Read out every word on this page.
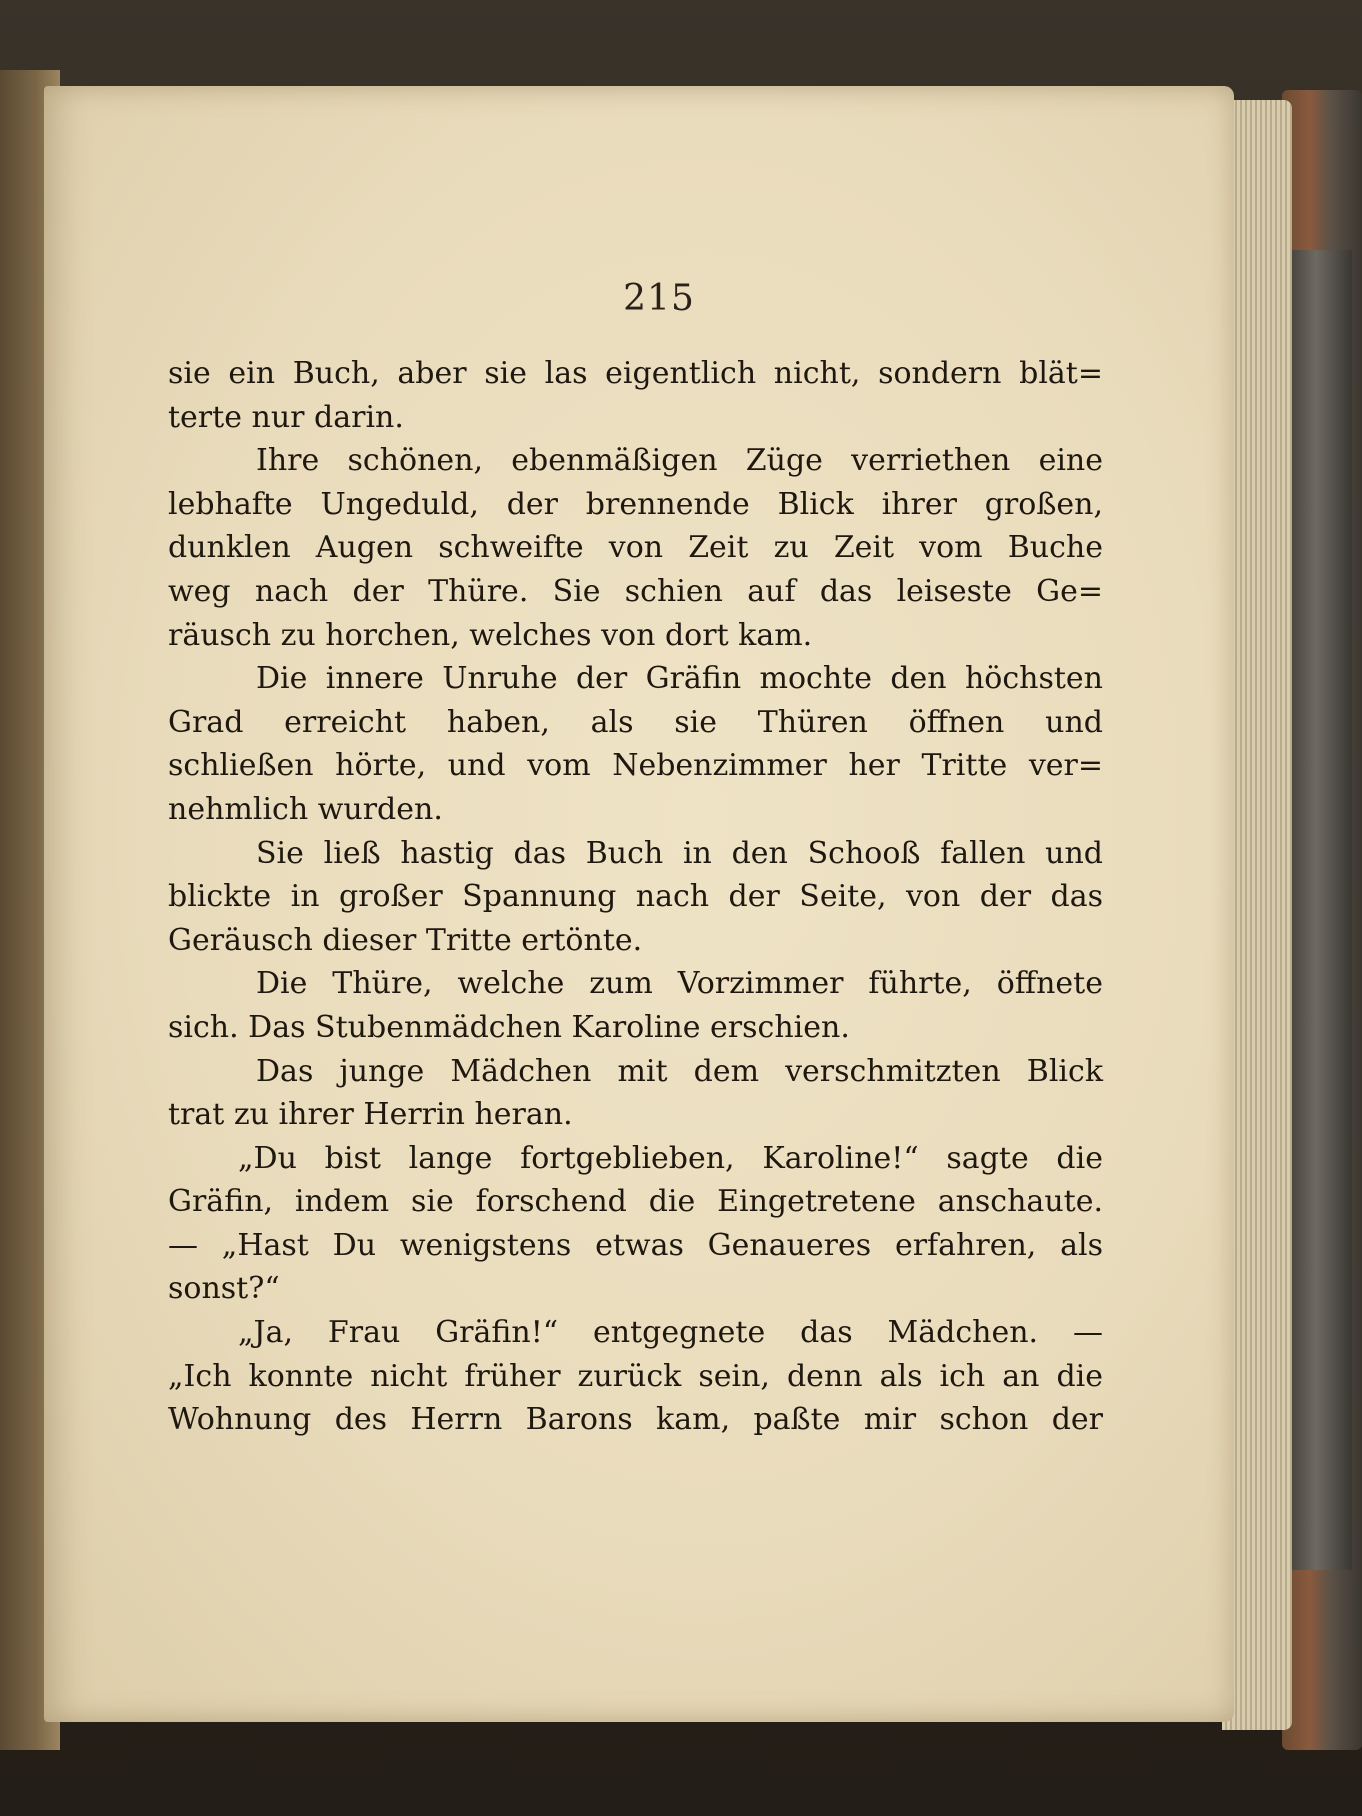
215

sie ein Buch, aber sie las eigentlich nicht, sondern blät=
terte nur darin.
Ihre schönen, ebenmäßigen Züge verriethen eine
lebhafte Ungeduld, der brennende Blick ihrer großen,
dunklen Augen schweifte von Zeit zu Zeit vom Buche
weg nach der Thüre. Sie schien auf das leiseste Ge=
räusch zu horchen, welches von dort kam.
Die innere Unruhe der Gräfin mochte den höchsten
Grad erreicht haben, als sie Thüren öffnen und
schließen hörte, und vom Nebenzimmer her Tritte ver=
nehmlich wurden.
Sie ließ hastig das Buch in den Schooß fallen und
blickte in großer Spannung nach der Seite, von der das
Geräusch dieser Tritte ertönte.
Die Thüre, welche zum Vorzimmer führte, öffnete
sich. Das Stubenmädchen Karoline erschien.
Das junge Mädchen mit dem verschmitzten Blick
trat zu ihrer Herrin heran.
„Du bist lange fortgeblieben, Karoline!“ sagte die
Gräfin, indem sie forschend die Eingetretene anschaute.
— „Hast Du wenigstens etwas Genaueres erfahren, als
sonst?“
„Ja, Frau Gräfin!“ entgegnete das Mädchen. —
„Ich konnte nicht früher zurück sein, denn als ich an die
Wohnung des Herrn Barons kam, paßte mir schon der
